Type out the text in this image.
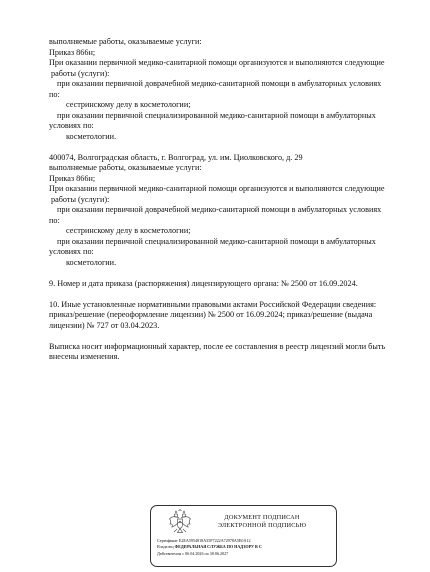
выполняемые работы, оказываемые услуги:
Приказ 866н;
При оказании первичной медико-санитарной помощи организуются и выполняются следующие
работы (услуги):
при оказании первичной доврачебной медико-санитарной помощи в амбулаторных условиях
по:
сестринскому делу в косметологии;
при оказании первичной специализированной медико-санитарной помощи в амбулаторных
условиях по:
косметологии.
400074, Волгоградская область, г. Волгоград, ул. им. Циолковского, д. 29
выполняемые работы, оказываемые услуги:
Приказ 866н;
При оказании первичной медико-санитарной помощи организуются и выполняются следующие
работы (услуги):
при оказании первичной доврачебной медико-санитарной помощи в амбулаторных условиях
по:
сестринскому делу в косметологии;
при оказании первичной специализированной медико-санитарной помощи в амбулаторных
условиях по:
косметологии.
9. Номер и дата приказа (распоряжения) лицензирующего органа: № 2500 от 16.09.2024.
10. Иные установленные нормативными правовыми актами Российской Федерации сведения:
приказ/решение (переоформление лицензии) № 2500 от 16.09.2024; приказ/решение (выдача
лицензии) № 727 от 03.04.2023.
Выписка носит информационный характер, после ее составления в реестр лицензий могли быть
внесены изменения.
ДОКУМЕНТ ПОДПИСАН
ЭЛЕКТРОННОЙ ПОДПИСЬЮ
Сертификат E2EA5954818A35F7222A72978A5E0A12
Владелец ФЕДЕРАЛЬНАЯ СЛУЖБА ПО НАДЗОРУ В С
Действителен с 06.04.2026 по 30.06.2027
